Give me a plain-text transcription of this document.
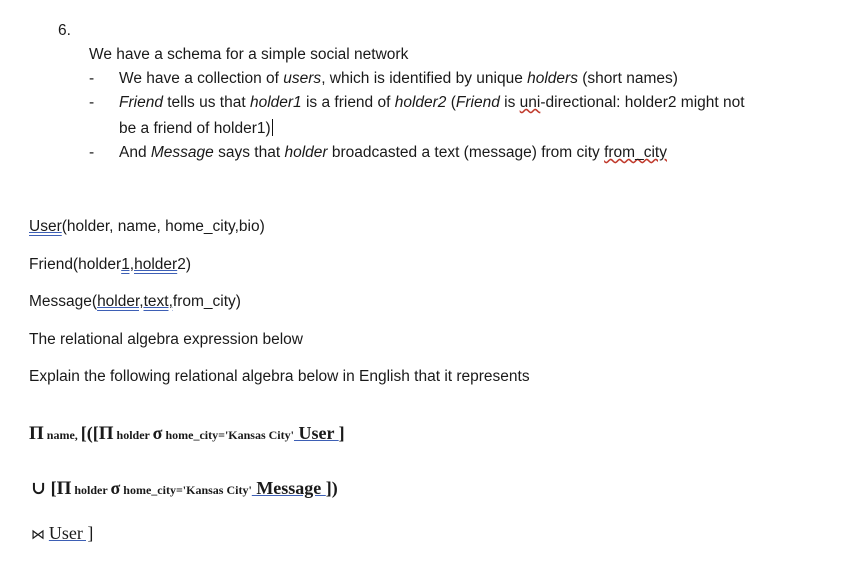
6.
We have a schema for a simple social network
- We have a collection of users, which is identified by unique holders (short names)
- Friend tells us that holder1 is a friend of holder2 (Friend is uni-directional: holder2 might not
be a friend of holder1)
- And Message says that holder broadcasted a text (message) from city from_city
User(holder, name, home_city,bio)
Friend(holder1,holder2)
Message(holder,text,from_city)
The relational algebra expression below
Explain the following relational algebra below in English that it represents
Π name, [([Π holder σ home_city='Kansas City' User ]
∪ [Π holder σ home_city='Kansas City' Message ])
⋈ User ]
